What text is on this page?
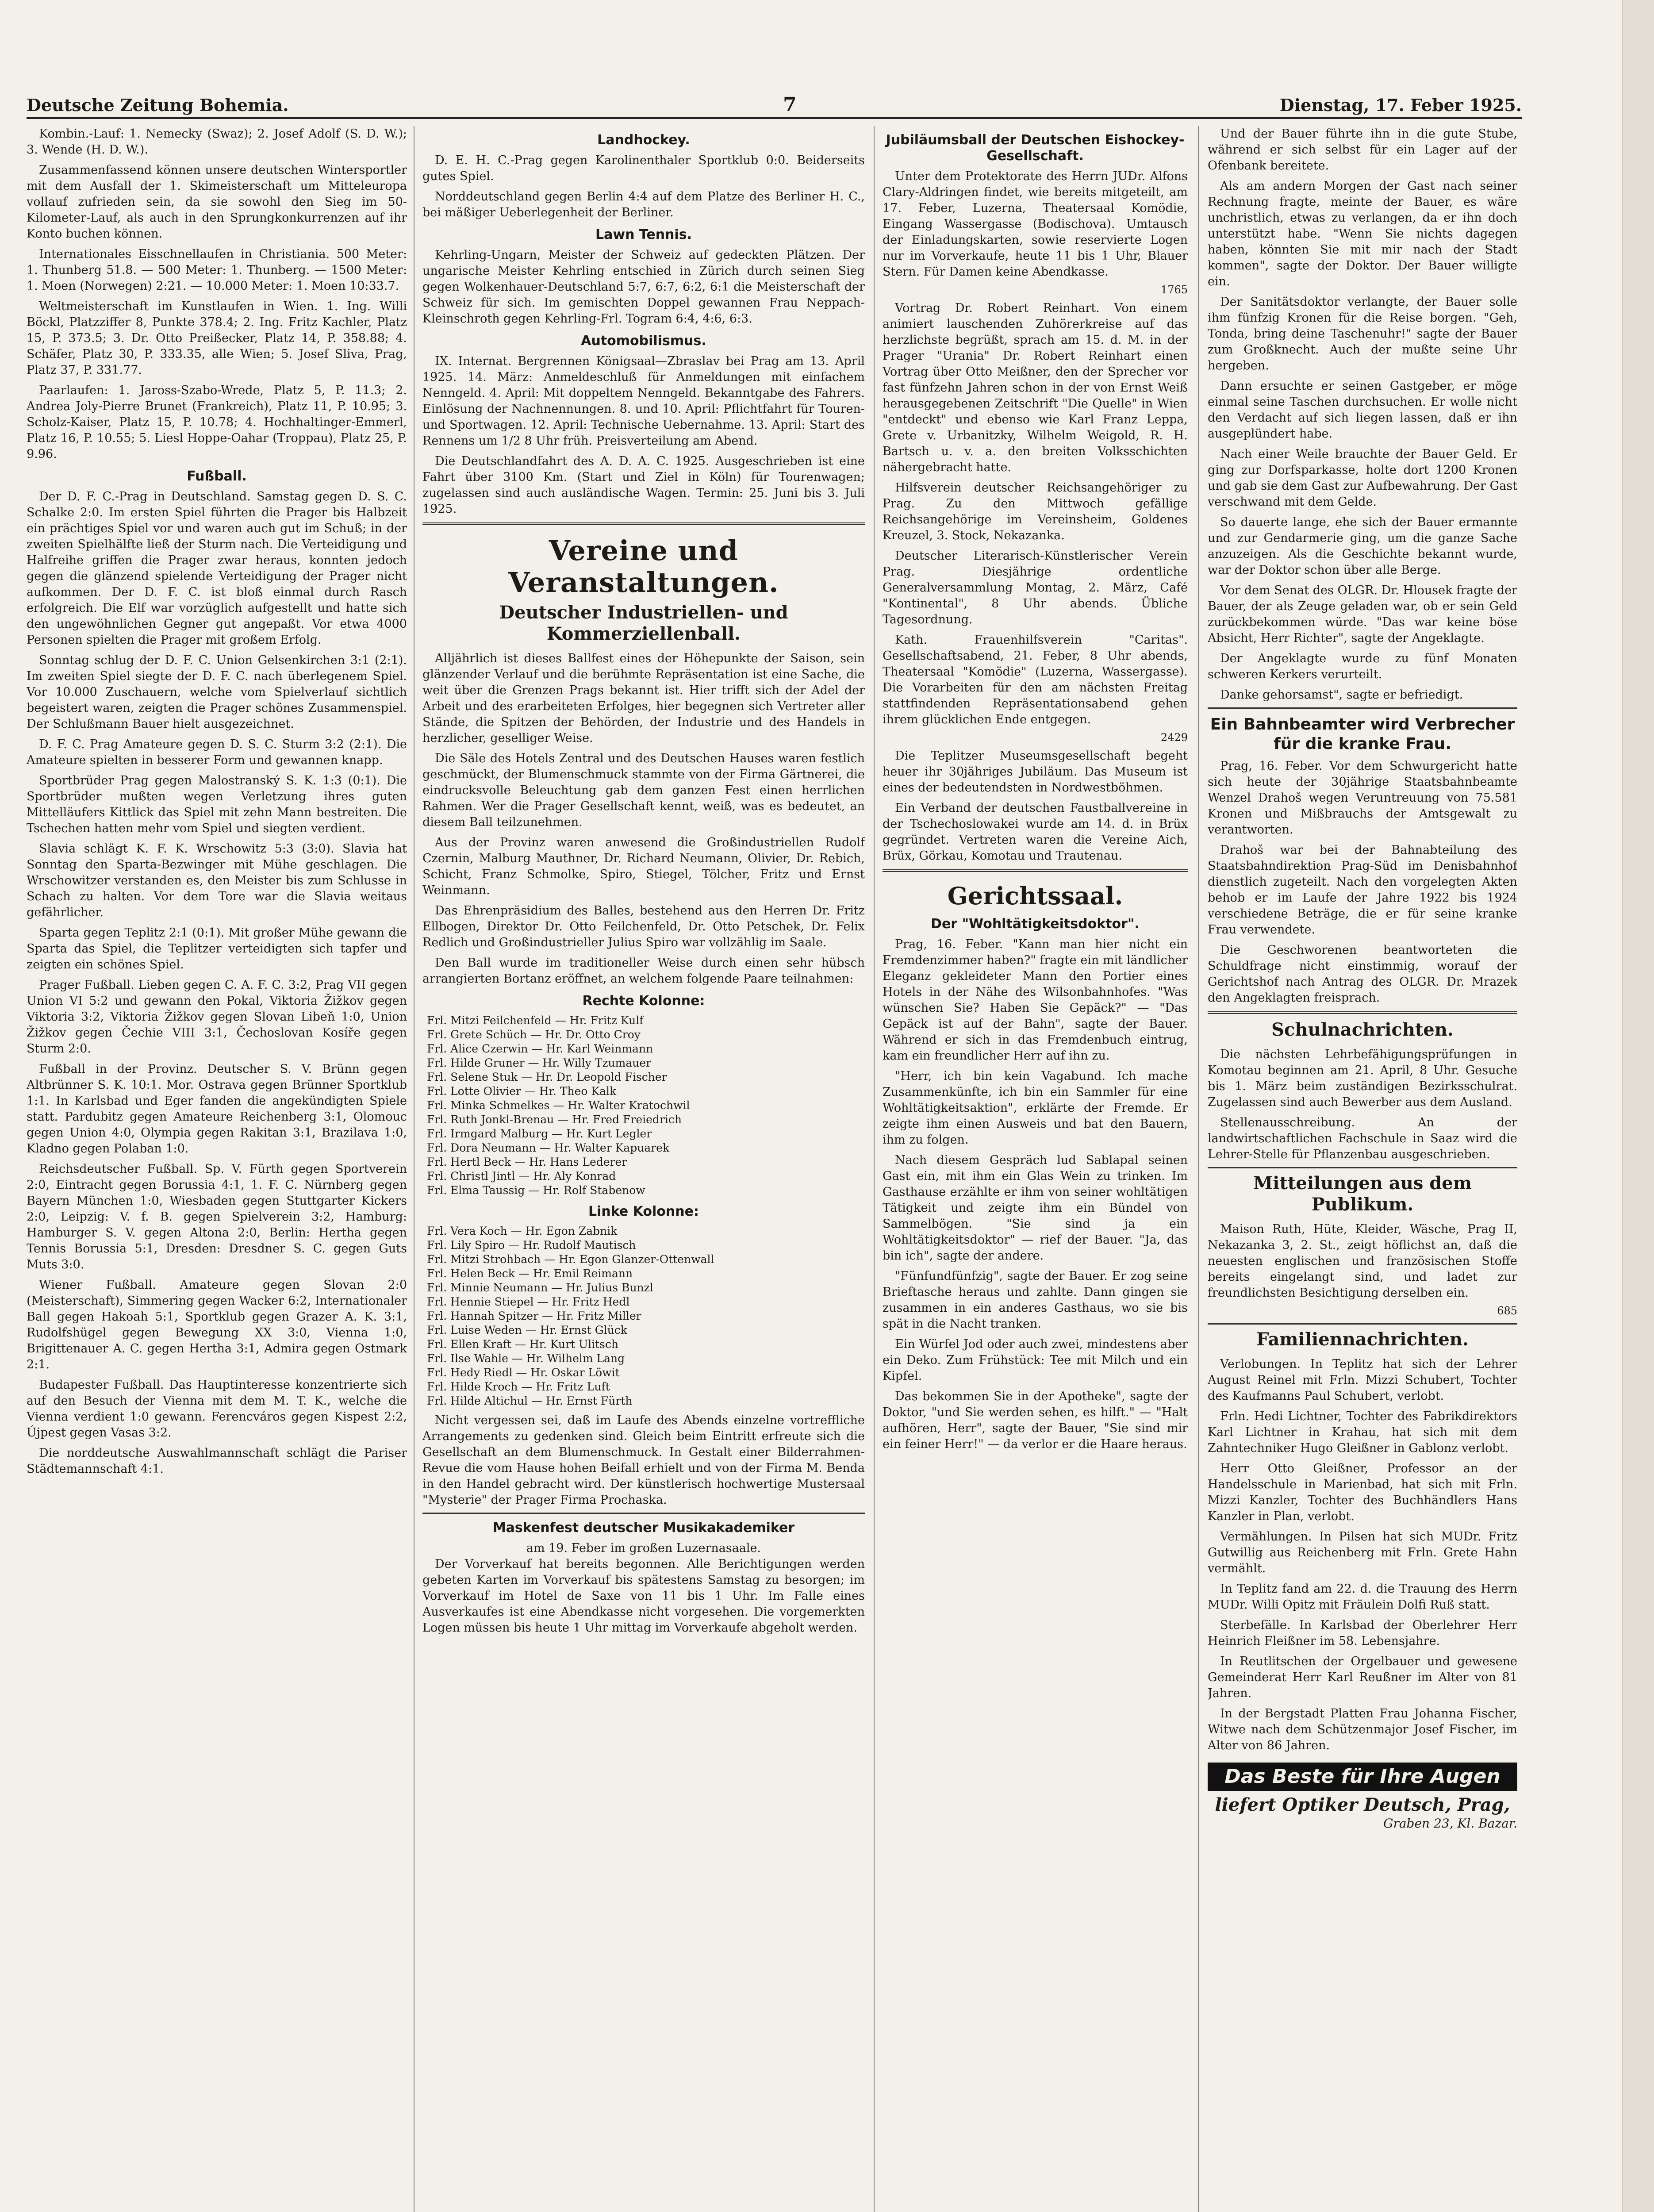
Deutsche Zeitung Bohemia.	7	Dienstag, 17. Feber 1925.

Kombin.-Lauf: 1. Nemecky (Swaz); 2. Josef Adolf (S. D. W.); 3. Wende (H. D. W.).

Zusammenfassend können unsere deutschen Wintersportler mit dem Ausfall der 1. Skimeisterschaft um Mitteleuropa vollauf zufrieden sein, da sie sowohl den Sieg im 50-Kilometer-Lauf, als auch in den Sprungkonkurrenzen auf ihr Konto buchen können.

Internationales Eisschnellaufen in Christiania. 500 Meter: 1. Thunberg 51.8. — 500 Meter: 1. Thunberg. — 1500 Meter: 1. Moen (Norwegen) 2:21. — 10.000 Meter: 1. Moen 10:33.7.

Weltmeisterschaft im Kunstlaufen in Wien. 1. Ing. Willi Böckl, Platzziffer 8, Punkte 378.4; 2. Ing. Fritz Kachler, Platz 15, P. 373.5; 3. Dr. Otto Preißecker, Platz 14, P. 358.88; 4. Schäfer, Platz 30, P. 333.35, alle Wien; 5. Josef Sliva, Prag, Platz 37, P. 331.77.

Paarlaufen: 1. Jaross-Szabo-Wrede, Platz 5, P. 11.3; 2. Andrea Joly-Pierre Brunet (Frankreich), Platz 11, P. 10.95; 3. Scholz-Kaiser, Platz 15, P. 10.78; 4. Hochhaltinger-Emmerl, Platz 16, P. 10.55; 5. Liesl Hoppe-Oahar (Troppau), Platz 25, P. 9.96.

Fußball.

Der D. F. C.-Prag in Deutschland. Samstag gegen D. S. C. Schalke 2:0. Im ersten Spiel führten die Prager bis Halbzeit ein prächtiges Spiel vor und waren auch gut im Schuß; in der zweiten Spielhälfte ließ der Sturm nach. Die Verteidigung und Halfreihe griffen die Prager zwar heraus, konnten jedoch gegen die glänzend spielende Verteidigung der Prager nicht aufkommen. Der D. F. C. ist bloß einmal durch Rasch erfolgreich. Die Elf war vorzüglich aufgestellt und hatte sich den ungewöhnlichen Gegner gut angepaßt. Vor etwa 4000 Personen spielten die Prager mit großem Erfolg.

Sonntag schlug der D. F. C. Union Gelsenkirchen 3:1 (2:1). Im zweiten Spiel siegte der D. F. C. nach überlegenem Spiel. Vor 10.000 Zuschauern, welche vom Spielverlauf sichtlich begeistert waren, zeigten die Prager schönes Zusammenspiel. Der Schlußmann Bauer hielt ausgezeichnet.

D. F. C. Prag Amateure gegen D. S. C. Sturm 3:2 (2:1). Die Amateure spielten in besserer Form und gewannen knapp.

Sportbrüder Prag gegen Malostranský S. K. 1:3 (0:1). Die Sportbrüder mußten wegen Verletzung ihres guten Mittelläufers Kittlick das Spiel mit zehn Mann bestreiten. Die Tschechen hatten mehr vom Spiel und siegten verdient.

Slavia schlägt K. F. K. Wrschowitz 5:3 (3:0). Slavia hat Sonntag den Sparta-Bezwinger mit Mühe geschlagen. Die Wrschowitzer verstanden es, den Meister bis zum Schlusse in Schach zu halten. Vor dem Tore war die Slavia weitaus gefährlicher.

Sparta gegen Teplitz 2:1 (0:1). Mit großer Mühe gewann die Sparta das Spiel, die Teplitzer verteidigten sich tapfer und zeigten ein schönes Spiel.

Prager Fußball. Lieben gegen C. A. F. C. 3:2, Prag VII gegen Union VI 5:2 und gewann den Pokal, Viktoria Žižkov gegen Viktoria 3:2, Viktoria Žižkov gegen Slovan Libeň 1:0, Union Žižkov gegen Čechie VIII 3:1, Čechoslovan Kosíře gegen Sturm 2:0.

Fußball in der Provinz. Deutscher S. V. Brünn gegen Altbrünner S. K. 10:1. Mor. Ostrava gegen Brünner Sportklub 1:1. In Karlsbad und Eger fanden die angekündigten Spiele statt. Pardubitz gegen Amateure Reichenberg 3:1, Olomouc gegen Union 4:0, Olympia gegen Rakitan 3:1, Brazilava 1:0, Kladno gegen Polaban 1:0.

Reichsdeutscher Fußball. Sp. V. Fürth gegen Sportverein 2:0, Eintracht gegen Borussia 4:1, 1. F. C. Nürnberg gegen Bayern München 1:0, Wiesbaden gegen Stuttgarter Kickers 2:0, Leipzig: V. f. B. gegen Spielverein 3:2, Hamburg: Hamburger S. V. gegen Altona 2:0, Berlin: Hertha gegen Tennis Borussia 5:1, Dresden: Dresdner S. C. gegen Guts Muts 3:0.

Wiener Fußball. Amateure gegen Slovan 2:0 (Meisterschaft), Simmering gegen Wacker 6:2, Internationaler Ball gegen Hakoah 5:1, Sportklub gegen Grazer A. K. 3:1, Rudolfshügel gegen Bewegung XX 3:0, Vienna 1:0, Brigittenauer A. C. gegen Hertha 3:1, Admira gegen Ostmark 2:1.

Budapester Fußball. Das Hauptinteresse konzentrierte sich auf den Besuch der Vienna mit dem M. T. K., welche die Vienna verdient 1:0 gewann. Ferencváros gegen Kispest 2:2, Újpest gegen Vasas 3:2.

Die norddeutsche Auswahlmannschaft schlägt die Pariser Städtemannschaft 4:1.

Landhockey.

D. E. H. C.-Prag gegen Karolinenthaler Sportklub 0:0. Beiderseits gutes Spiel.

Norddeutschland gegen Berlin 4:4 auf dem Platze des Berliner H. C., bei mäßiger Ueberlegenheit der Berliner.

Lawn Tennis.

Kehrling-Ungarn, Meister der Schweiz auf gedeckten Plätzen. Der ungarische Meister Kehrling entschied in Zürich durch seinen Sieg gegen Wolkenhauer-Deutschland 5:7, 6:7, 6:2, 6:1 die Meisterschaft der Schweiz für sich. Im gemischten Doppel gewannen Frau Neppach-Kleinschroth gegen Kehrling-Frl. Togram 6:4, 4:6, 6:3.

Automobilismus.

IX. Internat. Bergrennen Königsaal—Zbraslav bei Prag am 13. April 1925. 14. März: Anmeldeschluß für Anmeldungen mit einfachem Nenngeld. 4. April: Mit doppeltem Nenngeld. Bekanntgabe des Fahrers. Einlösung der Nachnennungen. 8. und 10. April: Pflichtfahrt für Touren- und Sportwagen. 12. April: Technische Uebernahme. 13. April: Start des Rennens um 1/2 8 Uhr früh. Preisverteilung am Abend.

Die Deutschlandfahrt des A. D. A. C. 1925. Ausgeschrieben ist eine Fahrt über 3100 Km. (Start und Ziel in Köln) für Tourenwagen; zugelassen sind auch ausländische Wagen. Termin: 25. Juni bis 3. Juli 1925.

Vereine und Veranstaltungen.
Deutscher Industriellen- und Kommerziellenball.

Alljährlich ist dieses Ballfest eines der Höhepunkte der Saison, sein glänzender Verlauf und die berühmte Repräsentation ist eine Sache, die weit über die Grenzen Prags bekannt ist. Hier trifft sich der Adel der Arbeit und des erarbeiteten Erfolges, hier begegnen sich Vertreter aller Stände, die Spitzen der Behörden, der Industrie und des Handels in herzlicher, geselliger Weise.

Die Säle des Hotels Zentral und des Deutschen Hauses waren festlich geschmückt, der Blumenschmuck stammte von der Firma Gärtnerei, die eindrucksvolle Beleuchtung gab dem ganzen Fest einen herrlichen Rahmen. Wer die Prager Gesellschaft kennt, weiß, was es bedeutet, an diesem Ball teilzunehmen.

Aus der Provinz waren anwesend die Großindustriellen Rudolf Czernin, Malburg Mauthner, Dr. Richard Neumann, Olivier, Dr. Rebich, Schicht, Franz Schmolke, Spiro, Stiegel, Tölcher, Fritz und Ernst Weinmann.

Das Ehrenpräsidium des Balles, bestehend aus den Herren Dr. Fritz Ellbogen, Direktor Dr. Otto Feilchenfeld, Dr. Otto Petschek, Dr. Felix Redlich und Großindustrieller Julius Spiro war vollzählig im Saale.

Den Ball wurde im traditioneller Weise durch einen sehr hübsch arrangierten Bortanz eröffnet, an welchem folgende Paare teilnahmen:

Rechte Kolonne:
Frl. Mitzi Feilchenfeld — Hr. Fritz Kulf
Frl. Grete Schüch — Hr. Dr. Otto Croy
Frl. Alice Czerwin — Hr. Karl Weinmann
Frl. Hilde Gruner — Hr. Willy Tzumauer
Frl. Selene Stuk — Hr. Dr. Leopold Fischer
Frl. Lotte Olivier — Hr. Theo Kalk
Frl. Minka Schmelkes — Hr. Walter Kratochwil
Frl. Ruth Jonkl-Brenau — Hr. Fred Freiedrich
Frl. Irmgard Malburg — Hr. Kurt Legler
Frl. Dora Neumann — Hr. Walter Kapuarek
Frl. Hertl Beck — Hr. Hans Lederer
Frl. Christl Jintl — Hr. Aly Konrad
Frl. Elma Taussig — Hr. Rolf Stabenow
Linke Kolonne:
Frl. Vera Koch — Hr. Egon Zabnik
Frl. Lily Spiro — Hr. Rudolf Mautisch
Frl. Mitzi Strohbach — Hr. Egon Glanzer-Ottenwall
Frl. Helen Beck — Hr. Emil Reimann
Frl. Minnie Neumann — Hr. Julius Bunzl
Frl. Hennie Stiepel — Hr. Fritz Hedl
Frl. Hannah Spitzer — Hr. Fritz Miller
Frl. Luise Weden — Hr. Ernst Glück
Frl. Ellen Kraft — Hr. Kurt Ulitsch
Frl. Ilse Wahle — Hr. Wilhelm Lang
Frl. Hedy Riedl — Hr. Oskar Löwit
Frl. Hilde Kroch — Hr. Fritz Luft
Frl. Hilde Altichul — Hr. Ernst Fürth

Nicht vergessen sei, daß im Laufe des Abends einzelne vortreffliche Arrangements zu gedenken sind. Gleich beim Eintritt erfreute sich die Gesellschaft an dem Blumenschmuck. In Gestalt einer Bilderrahmen-Revue die vom Hause hohen Beifall erhielt und von der Firma M. Benda in den Handel gebracht wird. Der künstlerisch hochwertige Mustersaal "Mysterie" der Prager Firma Prochaska.

Maskenfest deutscher Musikakademiker
am 19. Feber im großen Luzernasaale.

Der Vorverkauf hat bereits begonnen. Alle Berichtigungen werden gebeten Karten im Vorverkauf bis spätestens Samstag zu besorgen; im Vorverkauf im Hotel de Saxe von 11 bis 1 Uhr. Im Falle eines Ausverkaufes ist eine Abendkasse nicht vorgesehen. Die vorgemerkten Logen müssen bis heute 1 Uhr mittag im Vorverkaufe abgeholt werden.

Jubiläumsball der Deutschen Eishockey-Gesellschaft.

Unter dem Protektorate des Herrn JUDr. Alfons Clary-Aldringen findet, wie bereits mitgeteilt, am 17. Feber, Luzerna, Theatersaal Komödie, Eingang Wassergasse (Bodischova). Umtausch der Einladungskarten, sowie reservierte Logen nur im Vorverkaufe, heute 11 bis 1 Uhr, Blauer Stern. Für Damen keine Abendkasse.

1765

Vortrag Dr. Robert Reinhart. Von einem animiert lauschenden Zuhörerkreise auf das herzlichste begrüßt, sprach am 15. d. M. in der Prager "Urania" Dr. Robert Reinhart einen Vortrag über Otto Meißner, den der Sprecher vor fast fünfzehn Jahren schon in der von Ernst Weiß herausgegebenen Zeitschrift "Die Quelle" in Wien "entdeckt" und ebenso wie Karl Franz Leppa, Grete v. Urbanitzky, Wilhelm Weigold, R. H. Bartsch u. v. a. den breiten Volksschichten nähergebracht hatte.

Hilfsverein deutscher Reichsangehöriger zu Prag. Zu den Mittwoch gefällige Reichsangehörige im Vereinsheim, Goldenes Kreuzel, 3. Stock, Nekazanka.

Deutscher Literarisch-Künstlerischer Verein Prag. Diesjährige ordentliche Generalversammlung Montag, 2. März, Café "Kontinental", 8 Uhr abends. Übliche Tagesordnung.

Kath. Frauenhilfsverein "Caritas". Gesellschaftsabend, 21. Feber, 8 Uhr abends, Theatersaal "Komödie" (Luzerna, Wassergasse). Die Vorarbeiten für den am nächsten Freitag stattfindenden Repräsentationsabend gehen ihrem glücklichen Ende entgegen.

2429

Die Teplitzer Museumsgesellschaft begeht heuer ihr 30jähriges Jubiläum. Das Museum ist eines der bedeutendsten in Nordwestböhmen.

Ein Verband der deutschen Faustballvereine in der Tschechoslowakei wurde am 14. d. in Brüx gegründet. Vertreten waren die Vereine Aich, Brüx, Görkau, Komotau und Trautenau.

Gerichtssaal.
Der "Wohltätigkeitsdoktor".

Prag, 16. Feber. "Kann man hier nicht ein Fremdenzimmer haben?" fragte ein mit ländlicher Eleganz gekleideter Mann den Portier eines Hotels in der Nähe des Wilsonbahnhofes. "Was wünschen Sie? Haben Sie Gepäck?" — "Das Gepäck ist auf der Bahn", sagte der Bauer. Während er sich in das Fremdenbuch eintrug, kam ein freundlicher Herr auf ihn zu.

"Herr, ich bin kein Vagabund. Ich mache Zusammenkünfte, ich bin ein Sammler für eine Wohltätigkeitsaktion", erklärte der Fremde. Er zeigte ihm einen Ausweis und bat den Bauern, ihm zu folgen.

Nach diesem Gespräch lud Sablapal seinen Gast ein, mit ihm ein Glas Wein zu trinken. Im Gasthause erzählte er ihm von seiner wohltätigen Tätigkeit und zeigte ihm ein Bündel von Sammelbögen. "Sie sind ja ein Wohltätigkeitsdoktor" — rief der Bauer. "Ja, das bin ich", sagte der andere.

"Fünfundfünfzig", sagte der Bauer. Er zog seine Brieftasche heraus und zahlte. Dann gingen sie zusammen in ein anderes Gasthaus, wo sie bis spät in die Nacht tranken.

Ein Würfel Jod oder auch zwei, mindestens aber ein Deko. Zum Frühstück: Tee mit Milch und ein Kipfel.

Das bekommen Sie in der Apotheke", sagte der Doktor, "und Sie werden sehen, es hilft." — "Halt aufhören, Herr", sagte der Bauer, "Sie sind mir ein feiner Herr!" — da verlor er die Haare heraus.

Und der Bauer führte ihn in die gute Stube, während er sich selbst für ein Lager auf der Ofenbank bereitete.

Als am andern Morgen der Gast nach seiner Rechnung fragte, meinte der Bauer, es wäre unchristlich, etwas zu verlangen, da er ihn doch unterstützt habe. "Wenn Sie nichts dagegen haben, könnten Sie mit mir nach der Stadt kommen", sagte der Doktor. Der Bauer willigte ein.

Der Sanitätsdoktor verlangte, der Bauer solle ihm fünfzig Kronen für die Reise borgen. "Geh, Tonda, bring deine Taschenuhr!" sagte der Bauer zum Großknecht. Auch der mußte seine Uhr hergeben.

Dann ersuchte er seinen Gastgeber, er möge einmal seine Taschen durchsuchen. Er wolle nicht den Verdacht auf sich liegen lassen, daß er ihn ausgeplündert habe.

Nach einer Weile brauchte der Bauer Geld. Er ging zur Dorfsparkasse, holte dort 1200 Kronen und gab sie dem Gast zur Aufbewahrung. Der Gast verschwand mit dem Gelde.

So dauerte lange, ehe sich der Bauer ermannte und zur Gendarmerie ging, um die ganze Sache anzuzeigen. Als die Geschichte bekannt wurde, war der Doktor schon über alle Berge.

Vor dem Senat des OLGR. Dr. Hlousek fragte der Bauer, der als Zeuge geladen war, ob er sein Geld zurückbekommen würde. "Das war keine böse Absicht, Herr Richter", sagte der Angeklagte.

Der Angeklagte wurde zu fünf Monaten schweren Kerkers verurteilt.

Danke gehorsamst", sagte er befriedigt.

Ein Bahnbeamter wird Verbrecher für die kranke Frau.

Prag, 16. Feber. Vor dem Schwurgericht hatte sich heute der 30jährige Staatsbahnbeamte Wenzel Drahoš wegen Veruntreuung von 75.581 Kronen und Mißbrauchs der Amtsgewalt zu verantworten.

Drahoš war bei der Bahnabteilung des Staatsbahndirektion Prag-Süd im Denisbahnhof dienstlich zugeteilt. Nach den vorgelegten Akten behob er im Laufe der Jahre 1922 bis 1924 verschiedene Beträge, die er für seine kranke Frau verwendete.

Die Geschworenen beantworteten die Schuldfrage nicht einstimmig, worauf der Gerichtshof nach Antrag des OLGR. Dr. Mrazek den Angeklagten freisprach.

Schulnachrichten.

Die nächsten Lehrbefähigungsprüfungen in Komotau beginnen am 21. April, 8 Uhr. Gesuche bis 1. März beim zuständigen Bezirksschulrat. Zugelassen sind auch Bewerber aus dem Ausland.

Stellenausschreibung. An der landwirtschaftlichen Fachschule in Saaz wird die Lehrer-Stelle für Pflanzenbau ausgeschrieben.

Mitteilungen aus dem Publikum.

Maison Ruth, Hüte, Kleider, Wäsche, Prag II, Nekazanka 3, 2. St., zeigt höflichst an, daß die neuesten englischen und französischen Stoffe bereits eingelangt sind, und ladet zur freundlichsten Besichtigung derselben ein.

685
Familiennachrichten.

Verlobungen. In Teplitz hat sich der Lehrer August Reinel mit Frln. Mizzi Schubert, Tochter des Kaufmanns Paul Schubert, verlobt.

Frln. Hedi Lichtner, Tochter des Fabrikdirektors Karl Lichtner in Krahau, hat sich mit dem Zahntechniker Hugo Gleißner in Gablonz verlobt.

Herr Otto Gleißner, Professor an der Handelsschule in Marienbad, hat sich mit Frln. Mizzi Kanzler, Tochter des Buchhändlers Hans Kanzler in Plan, verlobt.

Vermählungen. In Pilsen hat sich MUDr. Fritz Gutwillig aus Reichenberg mit Frln. Grete Hahn vermählt.

In Teplitz fand am 22. d. die Trauung des Herrn MUDr. Willi Opitz mit Fräulein Dolfi Ruß statt.

Sterbefälle. In Karlsbad der Oberlehrer Herr Heinrich Fleißner im 58. Lebensjahre.

In Reutlitschen der Orgelbauer und gewesene Gemeinderat Herr Karl Reußner im Alter von 81 Jahren.

In der Bergstadt Platten Frau Johanna Fischer, Witwe nach dem Schützenmajor Josef Fischer, im Alter von 86 Jahren.

Das Beste für Ihre Augen
liefert Optiker Deutsch, Prag,
Graben 23, Kl. Bazar.
